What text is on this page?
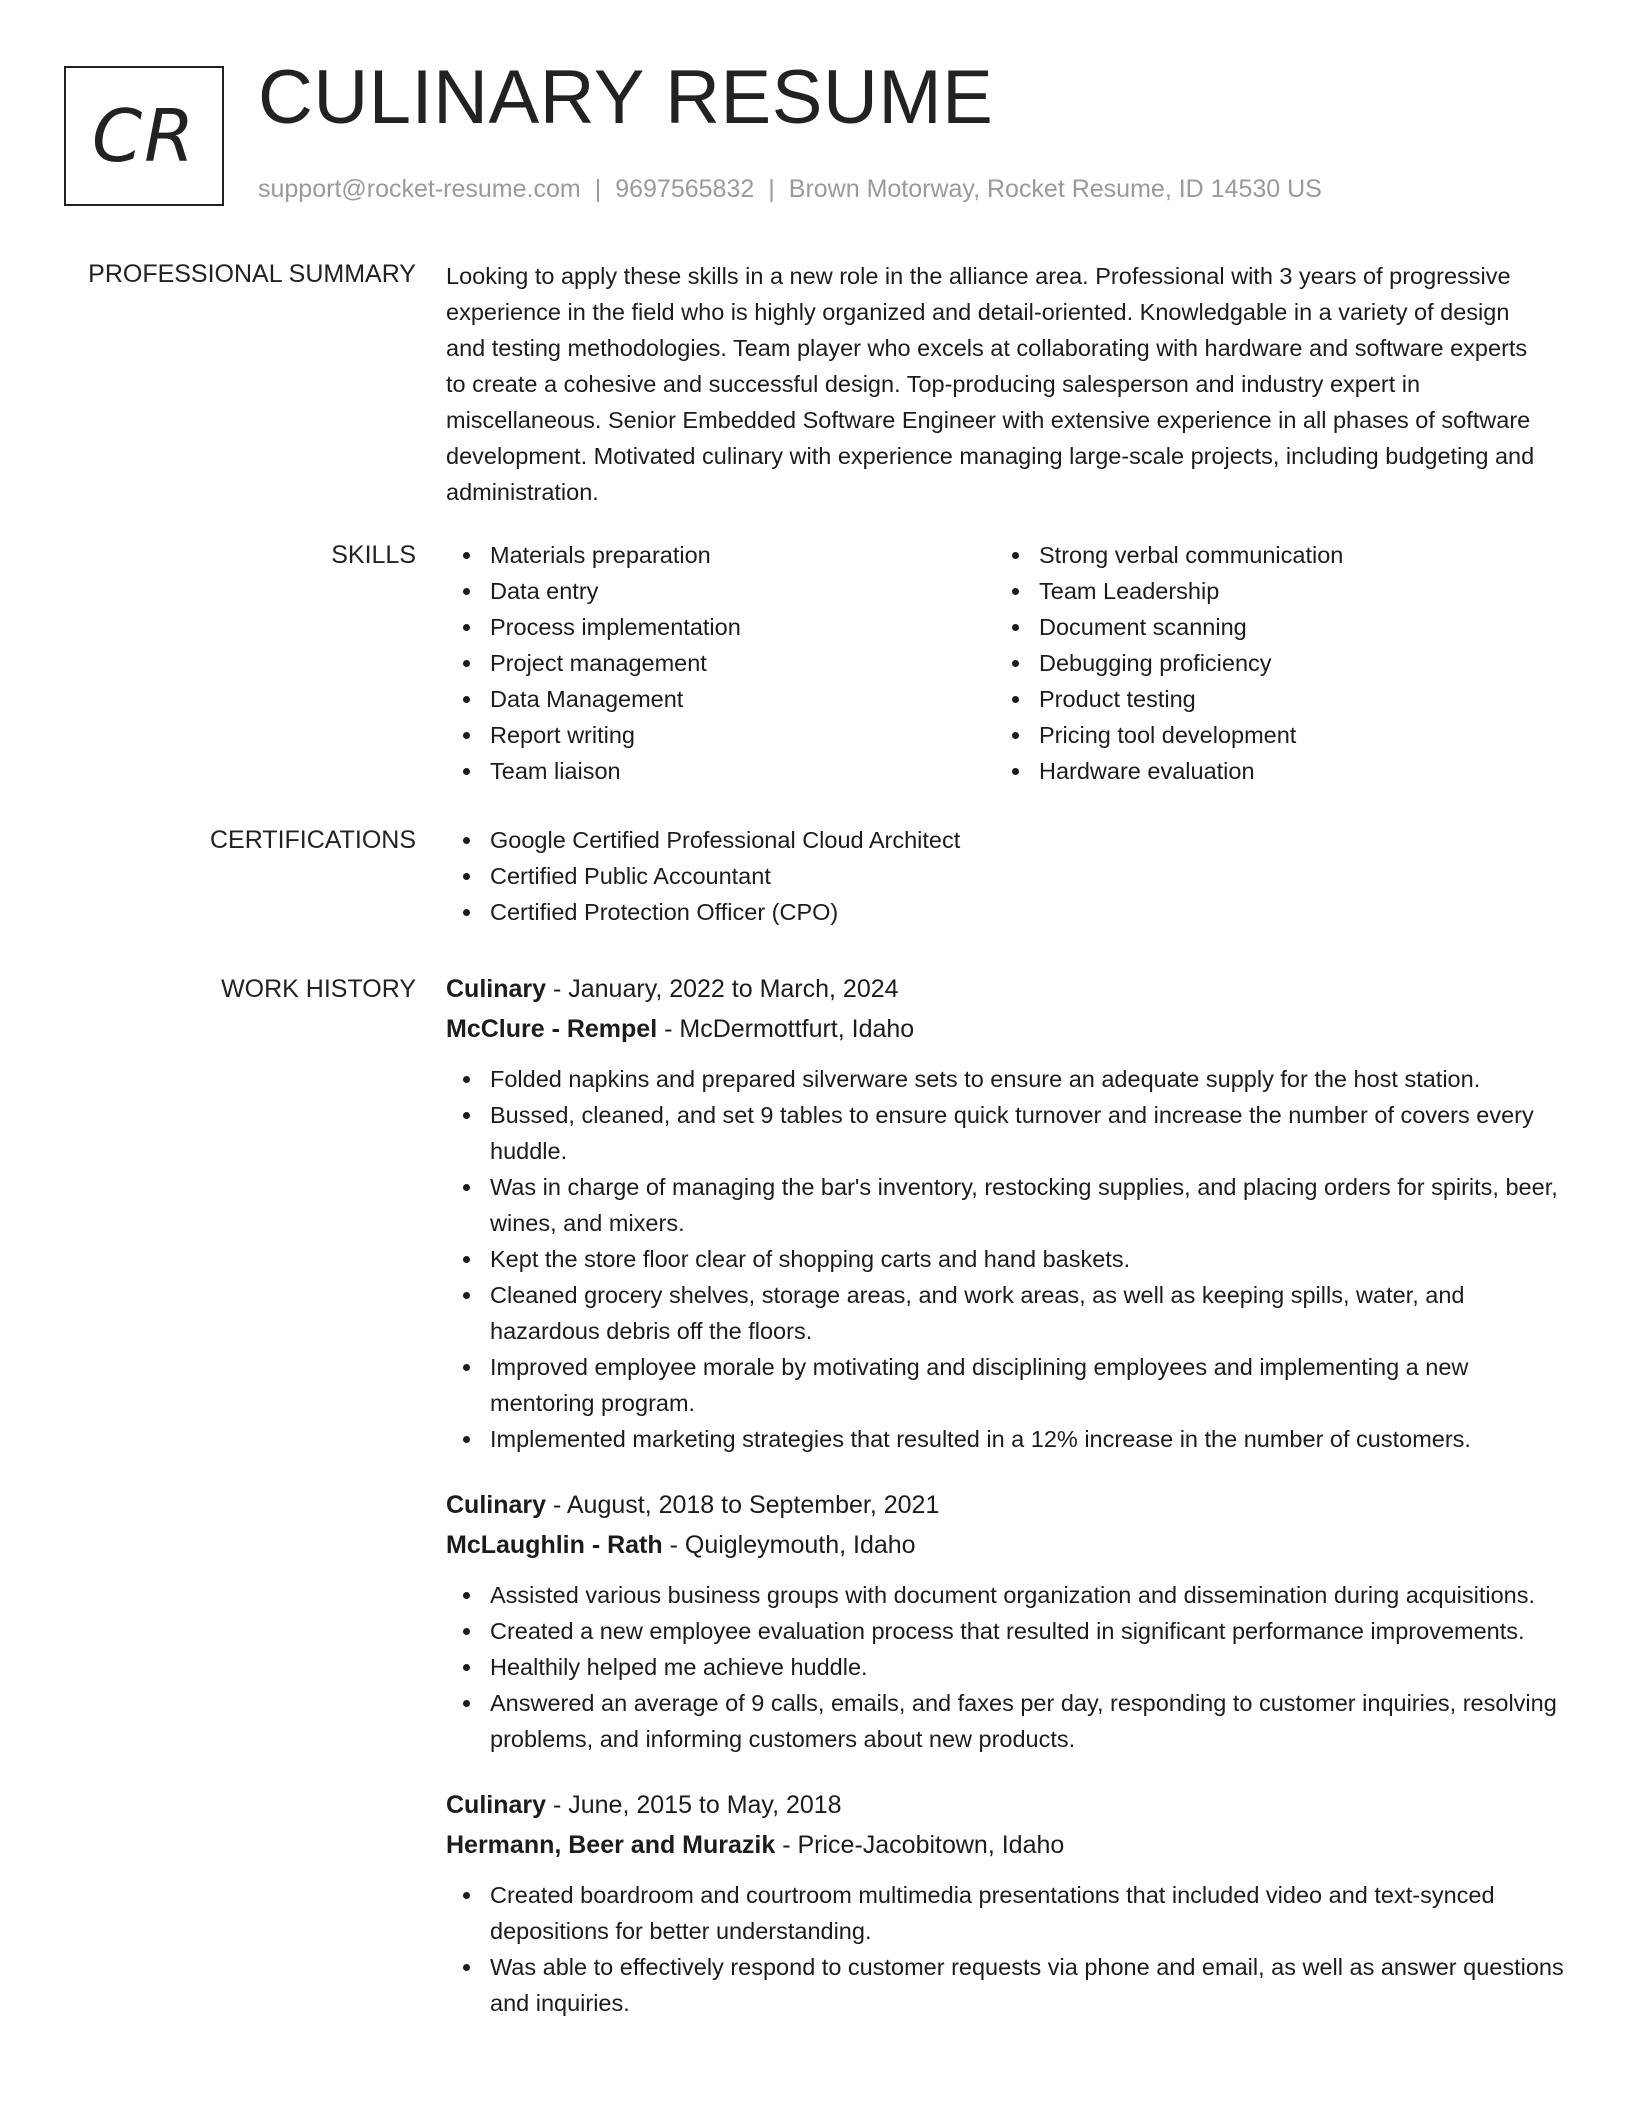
CR CULINARY RESUME
support@rocket-resume.com | 9697565832 | Brown Motorway, Rocket Resume, ID 14530 US
PROFESSIONAL SUMMARY Looking to apply these skills in a new role in the alliance area. Professional with 3 years of progressive experience in the field who is highly organized and detail-oriented. Knowledgable in a variety of design and testing methodologies. Team player who excels at collaborating with hardware and software experts to create a cohesive and successful design. Top-producing salesperson and industry expert in miscellaneous. Senior Embedded Software Engineer with extensive experience in all phases of software development. Motivated culinary with experience managing large-scale projects, including budgeting and administration.

SKILLS	Materials preparation
Data entry
Process implementation
Project management
Data Management
Report writing
Team liaison
Strong verbal communication
Team Leadership
Document scanning
Debugging proficiency
Product testing
Pricing tool development
Hardware evaluation
CERTIFICATIONS	Google Certified Professional Cloud Architect
Certified Public Accountant
Certified Protection Officer (CPO)
WORK HISTORY Culinary - January, 2022 to March, 2024
McClure - Rempel - McDermottfurt, Idaho
Folded napkins and prepared silverware sets to ensure an adequate supply for the host station.
Bussed, cleaned, and set 9 tables to ensure quick turnover and increase the number of covers every huddle.
Was in charge of managing the bar's inventory, restocking supplies, and placing orders for spirits, beer, wines, and mixers.
Kept the store floor clear of shopping carts and hand baskets.
Cleaned grocery shelves, storage areas, and work areas, as well as keeping spills, water, and hazardous debris off the floors.
Improved employee morale by motivating and disciplining employees and implementing a new mentoring program.
Implemented marketing strategies that resulted in a 12% increase in the number of customers.
Culinary - August, 2018 to September, 2021
McLaughlin - Rath - Quigleymouth, Idaho
Assisted various business groups with document organization and dissemination during acquisitions.
Created a new employee evaluation process that resulted in significant performance improvements.
Healthily helped me achieve huddle.
Answered an average of 9 calls, emails, and faxes per day, responding to customer inquiries, resolving problems, and informing customers about new products.
Culinary - June, 2015 to May, 2018
Hermann, Beer and Murazik - Price-Jacobitown, Idaho
Created boardroom and courtroom multimedia presentations that included video and text-synced depositions for better understanding.
Was able to effectively respond to customer requests via phone and email, as well as answer questions and inquiries.
